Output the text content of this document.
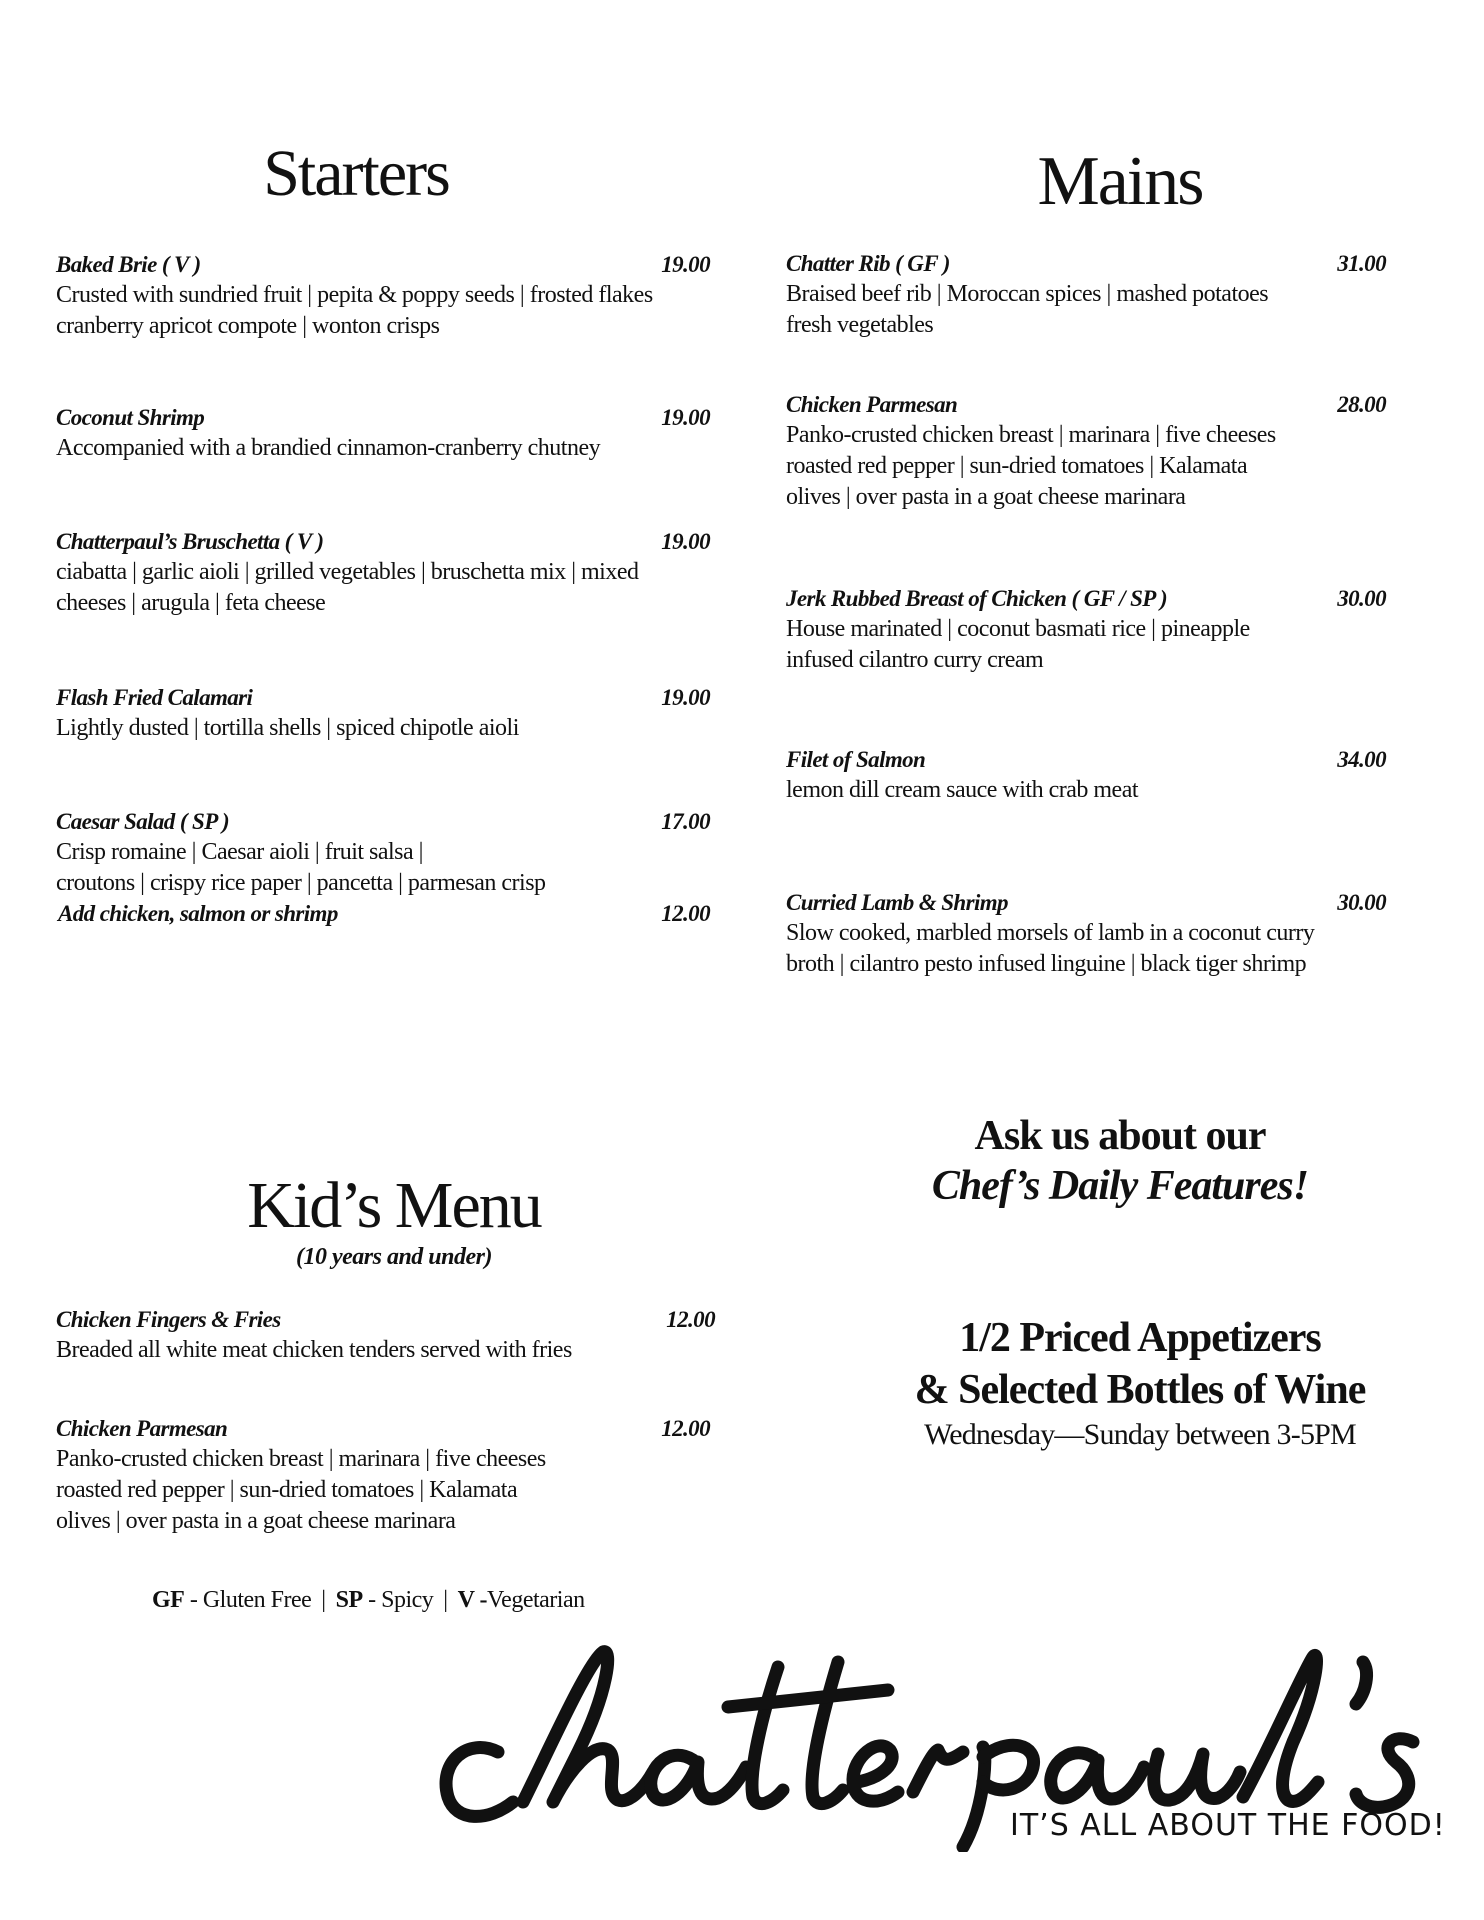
Starters
Baked Brie ( V )	19.00
Crusted with sundried fruit | pepita & poppy seeds | frosted flakes
cranberry apricot compote | wonton crisps
Coconut Shrimp	19.00
Accompanied with a brandied cinnamon-cranberry chutney
Chatterpaul’s Bruschetta ( V )	19.00
ciabatta | garlic aioli | grilled vegetables | bruschetta mix | mixed
cheeses | arugula | feta cheese
Flash Fried Calamari	19.00
Lightly dusted | tortilla shells | spiced chipotle aioli
Caesar Salad ( SP )	17.00
Crisp romaine | Caesar aioli | fruit salsa |
croutons | crispy rice paper | pancetta | parmesan crisp
Add chicken, salmon or shrimp	12.00
Mains
Chatter Rib ( GF )	31.00
Braised beef rib | Moroccan spices | mashed potatoes
fresh vegetables
Chicken Parmesan	28.00
Panko-crusted chicken breast | marinara | five cheeses
roasted red pepper | sun-dried tomatoes | Kalamata
olives | over pasta in a goat cheese marinara
Jerk Rubbed Breast of Chicken ( GF / SP )	30.00
House marinated | coconut basmati rice | pineapple
infused cilantro curry cream
Filet of Salmon	34.00
lemon dill cream sauce with crab meat
Curried Lamb & Shrimp	30.00
Slow cooked, marbled morsels of lamb in a coconut curry
broth | cilantro pesto infused linguine | black tiger shrimp
Kid’s Menu
(10 years and under)
Chicken Fingers & Fries	12.00
Breaded all white meat chicken tenders served with fries
Chicken Parmesan	12.00
Panko-crusted chicken breast | marinara | five cheeses
roasted red pepper | sun-dried tomatoes | Kalamata
olives | over pasta in a goat cheese marinara
Ask us about our
Chef’s Daily Features!
1/2 Priced Appetizers
& Selected Bottles of Wine
Wednesday—Sunday between 3-5PM
GF - Gluten Free | SP - Spicy | V -Vegetarian
IT’S ALL ABOUT THE FOOD!
